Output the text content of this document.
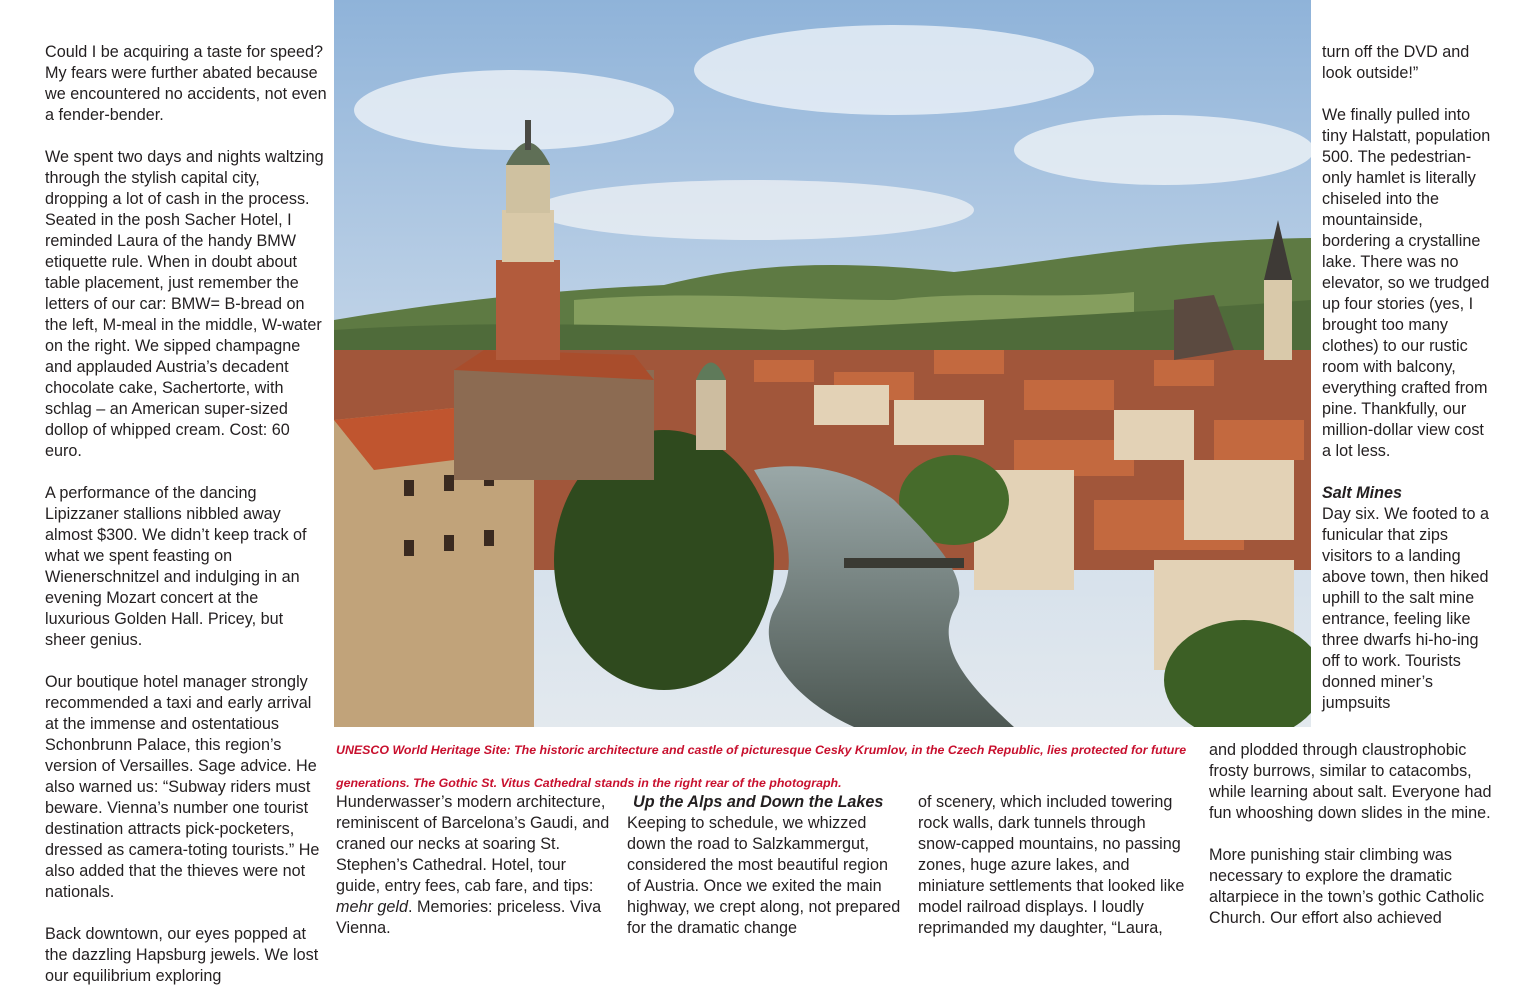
Could I be acquiring a taste for speed? My fears were further abated because we encountered no accidents, not even a fender-bender.

We spent two days and nights waltzing through the stylish capital city, dropping a lot of cash in the process. Seated in the posh Sacher Hotel, I reminded Laura of the handy BMW etiquette rule. When in doubt about table placement, just remember the letters of our car: BMW= B-bread on the left, M-meal in the middle, W-water on the right. We sipped champagne and applauded Austria’s decadent chocolate cake, Sachertorte, with schlag – an American super-sized dollop of whipped cream. Cost: 60 euro.

A performance of the dancing Lipizzaner stallions nibbled away almost $300. We didn’t keep track of what we spent feasting on Wienerschnitzel and indulging in an evening Mozart concert at the luxurious Golden Hall. Pricey, but sheer genius.

Our boutique hotel manager strongly recommended a taxi and early arrival at the immense and ostentatious Schonbrunn Palace, this region’s version of Versailles. Sage advice. He also warned us: “Subway riders must beware. Vienna’s number one tourist destination attracts pick-pocketers, dressed as camera-toting tourists.” He also added that the thieves were not nationals.

Back downtown, our eyes popped at the dazzling Hapsburg jewels. We lost our equilibrium exploring

UNESCO World Heritage Site: The historic architecture and castle of picturesque Cesky Krumlov, in the Czech Republic, lies protected for future generations. The Gothic St. Vitus Cathedral stands in the right rear of the photograph.
Hunderwasser’s modern architecture, reminiscent of Barcelona’s Gaudi, and craned our necks at soaring St. Stephen’s Cathedral. Hotel, tour guide, entry fees, cab fare, and tips: mehr geld. Memories: priceless. Viva Vienna.
Up the Alps and Down the Lakes
Keeping to schedule, we whizzed down the road to Salzkammergut, considered the most beautiful region of Austria. Once we exited the main highway, we crept along, not prepared for the dramatic change
of scenery, which included towering rock walls, dark tunnels through snow-capped mountains, no passing zones, huge azure lakes, and miniature settlements that looked like model railroad displays. I loudly reprimanded my daughter, “Laura,

turn off the DVD and look outside!”

We finally pulled into tiny Halstatt, population 500. The pedestrian-only hamlet is literally chiseled into the mountainside, bordering a crystalline lake. There was no elevator, so we trudged up four stories (yes, I brought too many clothes) to our rustic room with balcony, everything crafted from pine. Thankfully, our million-dollar view cost a lot less.

Salt Mines
Day six. We footed to a funicular that zips visitors to a landing above town, then hiked uphill to the salt mine entrance, feeling like three dwarfs hi-ho-ing off to work. Tourists donned miner’s jumpsuits

and plodded through claustrophobic frosty burrows, similar to catacombs, while learning about salt. Everyone had fun whooshing down slides in the mine.

More punishing stair climbing was necessary to explore the dramatic altarpiece in the town’s gothic Catholic Church. Our effort also achieved
